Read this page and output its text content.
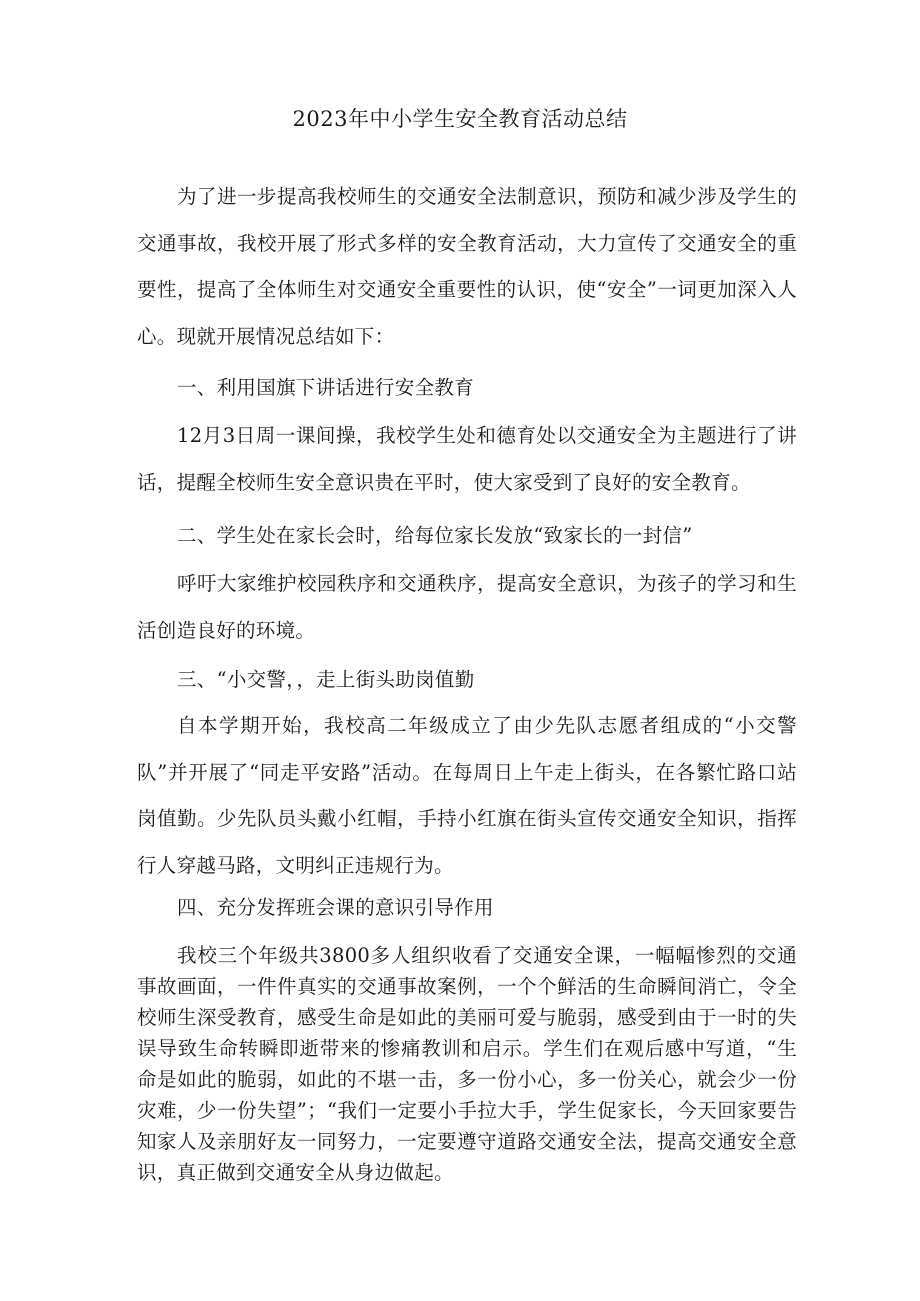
2023年中小学生安全教育活动总结

为了进一步提高我校师生的交通安全法制意识，预防和减少涉及学生的交通事故，我校开展了形式多样的安全教育活动，大力宣传了交通安全的重要性，提高了全体师生对交通安全重要性的认识，使“安全”一词更加深入人心。现就开展情况总结如下：

一、利用国旗下讲话进行安全教育

12月3日周一课间操，我校学生处和德育处以交通安全为主题进行了讲话，提醒全校师生安全意识贵在平时，使大家受到了良好的安全教育。

二、学生处在家长会时，给每位家长发放“致家长的一封信”

呼吁大家维护校园秩序和交通秩序，提高安全意识，为孩子的学习和生活创造良好的环境。

三、“小交警，，走上街头助岗值勤

自本学期开始，我校高二年级成立了由少先队志愿者组成的“小交警队”并开展了“同走平安路”活动。在每周日上午走上街头，在各繁忙路口站岗值勤。少先队员头戴小红帽，手持小红旗在街头宣传交通安全知识，指挥行人穿越马路，文明纠正违规行为。

四、充分发挥班会课的意识引导作用

我校三个年级共3800多人组织收看了交通安全课，一幅幅惨烈的交通事故画面，一件件真实的交通事故案例，一个个鲜活的生命瞬间消亡，令全校师生深受教育，感受生命是如此的美丽可爱与脆弱，感受到由于一时的失误导致生命转瞬即逝带来的惨痛教训和启示。学生们在观后感中写道，“生命是如此的脆弱，如此的不堪一击，多一份小心，多一份关心，就会少一份灾难，少一份失望”；“我们一定要小手拉大手，学生促家长，今天回家要告知家人及亲朋好友一同努力，一定要遵守道路交通安全法，提高交通安全意识，真正做到交通安全从身边做起。
